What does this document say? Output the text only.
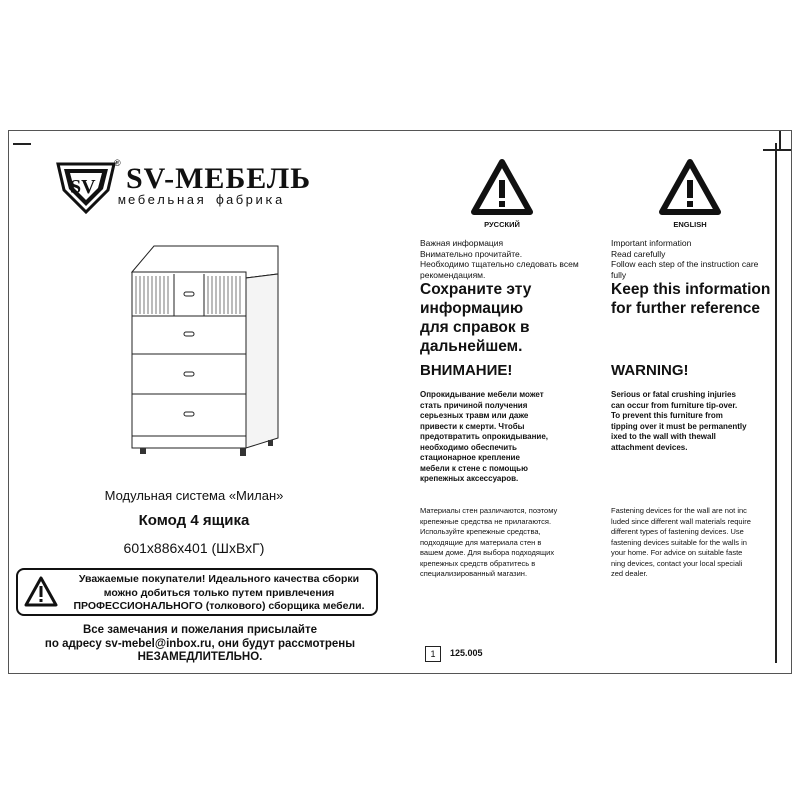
SV
® SV-МЕБЕЛЬ
мебельная фабрика
Модульная система «Милан»
Комод 4 ящика
601x886x401 (ШхВхГ)
Уважаемые покупатели! Идеального качества сборки
можно добиться только путем привлечения
ПРОФЕССИОНАЛЬНОГО (толкового) сборщика мебели.
Все замечания и пожелания присылайте
по адресу sv-mebel@inbox.ru, они будут рассмотрены
НЕЗАМЕДЛИТЕЛЬНО.
РУССКИЙ
Важная информация
Внимательно прочитайте.
Необходимо тщательно следовать всем
рекомендациям.
Сохраните эту
информацию
для справок в
дальнейшем.
ВНИМАНИЕ!
Опрокидывание мебели может
стать причиной получения
серьезных травм или даже
привести к смерти. Чтобы
предотвратить опрокидывание,
необходимо обеспечить
стационарное крепление
мебели к стене с помощью
крепежных аксессуаров.
Материалы стен различаются, поэтому
крепежные средства не прилагаются.
Используйте крепежные средства,
подходящие для материала стен в
вашем доме. Для выбора подходящих
крепежных средств обратитесь в
специализированный магазин.
ENGLISH
Important information
Read carefully
Follow each step of the instruction care
fully
Keep this information
for further reference
WARNING!
Serious or fatal crushing injuries
can occur from furniture tip-over.
To prevent this furniture from
tipping over it must be permanently
ixed to the wall with thewall
attachment devices.
Fastening devices for the wall are not inc
luded since different wall materials require
different types of fastening devices. Use
fastening devices suitable for the walls in
your home. For advice on suitable faste
ning devices, contact your local speciali
zed dealer.
1	125.005
